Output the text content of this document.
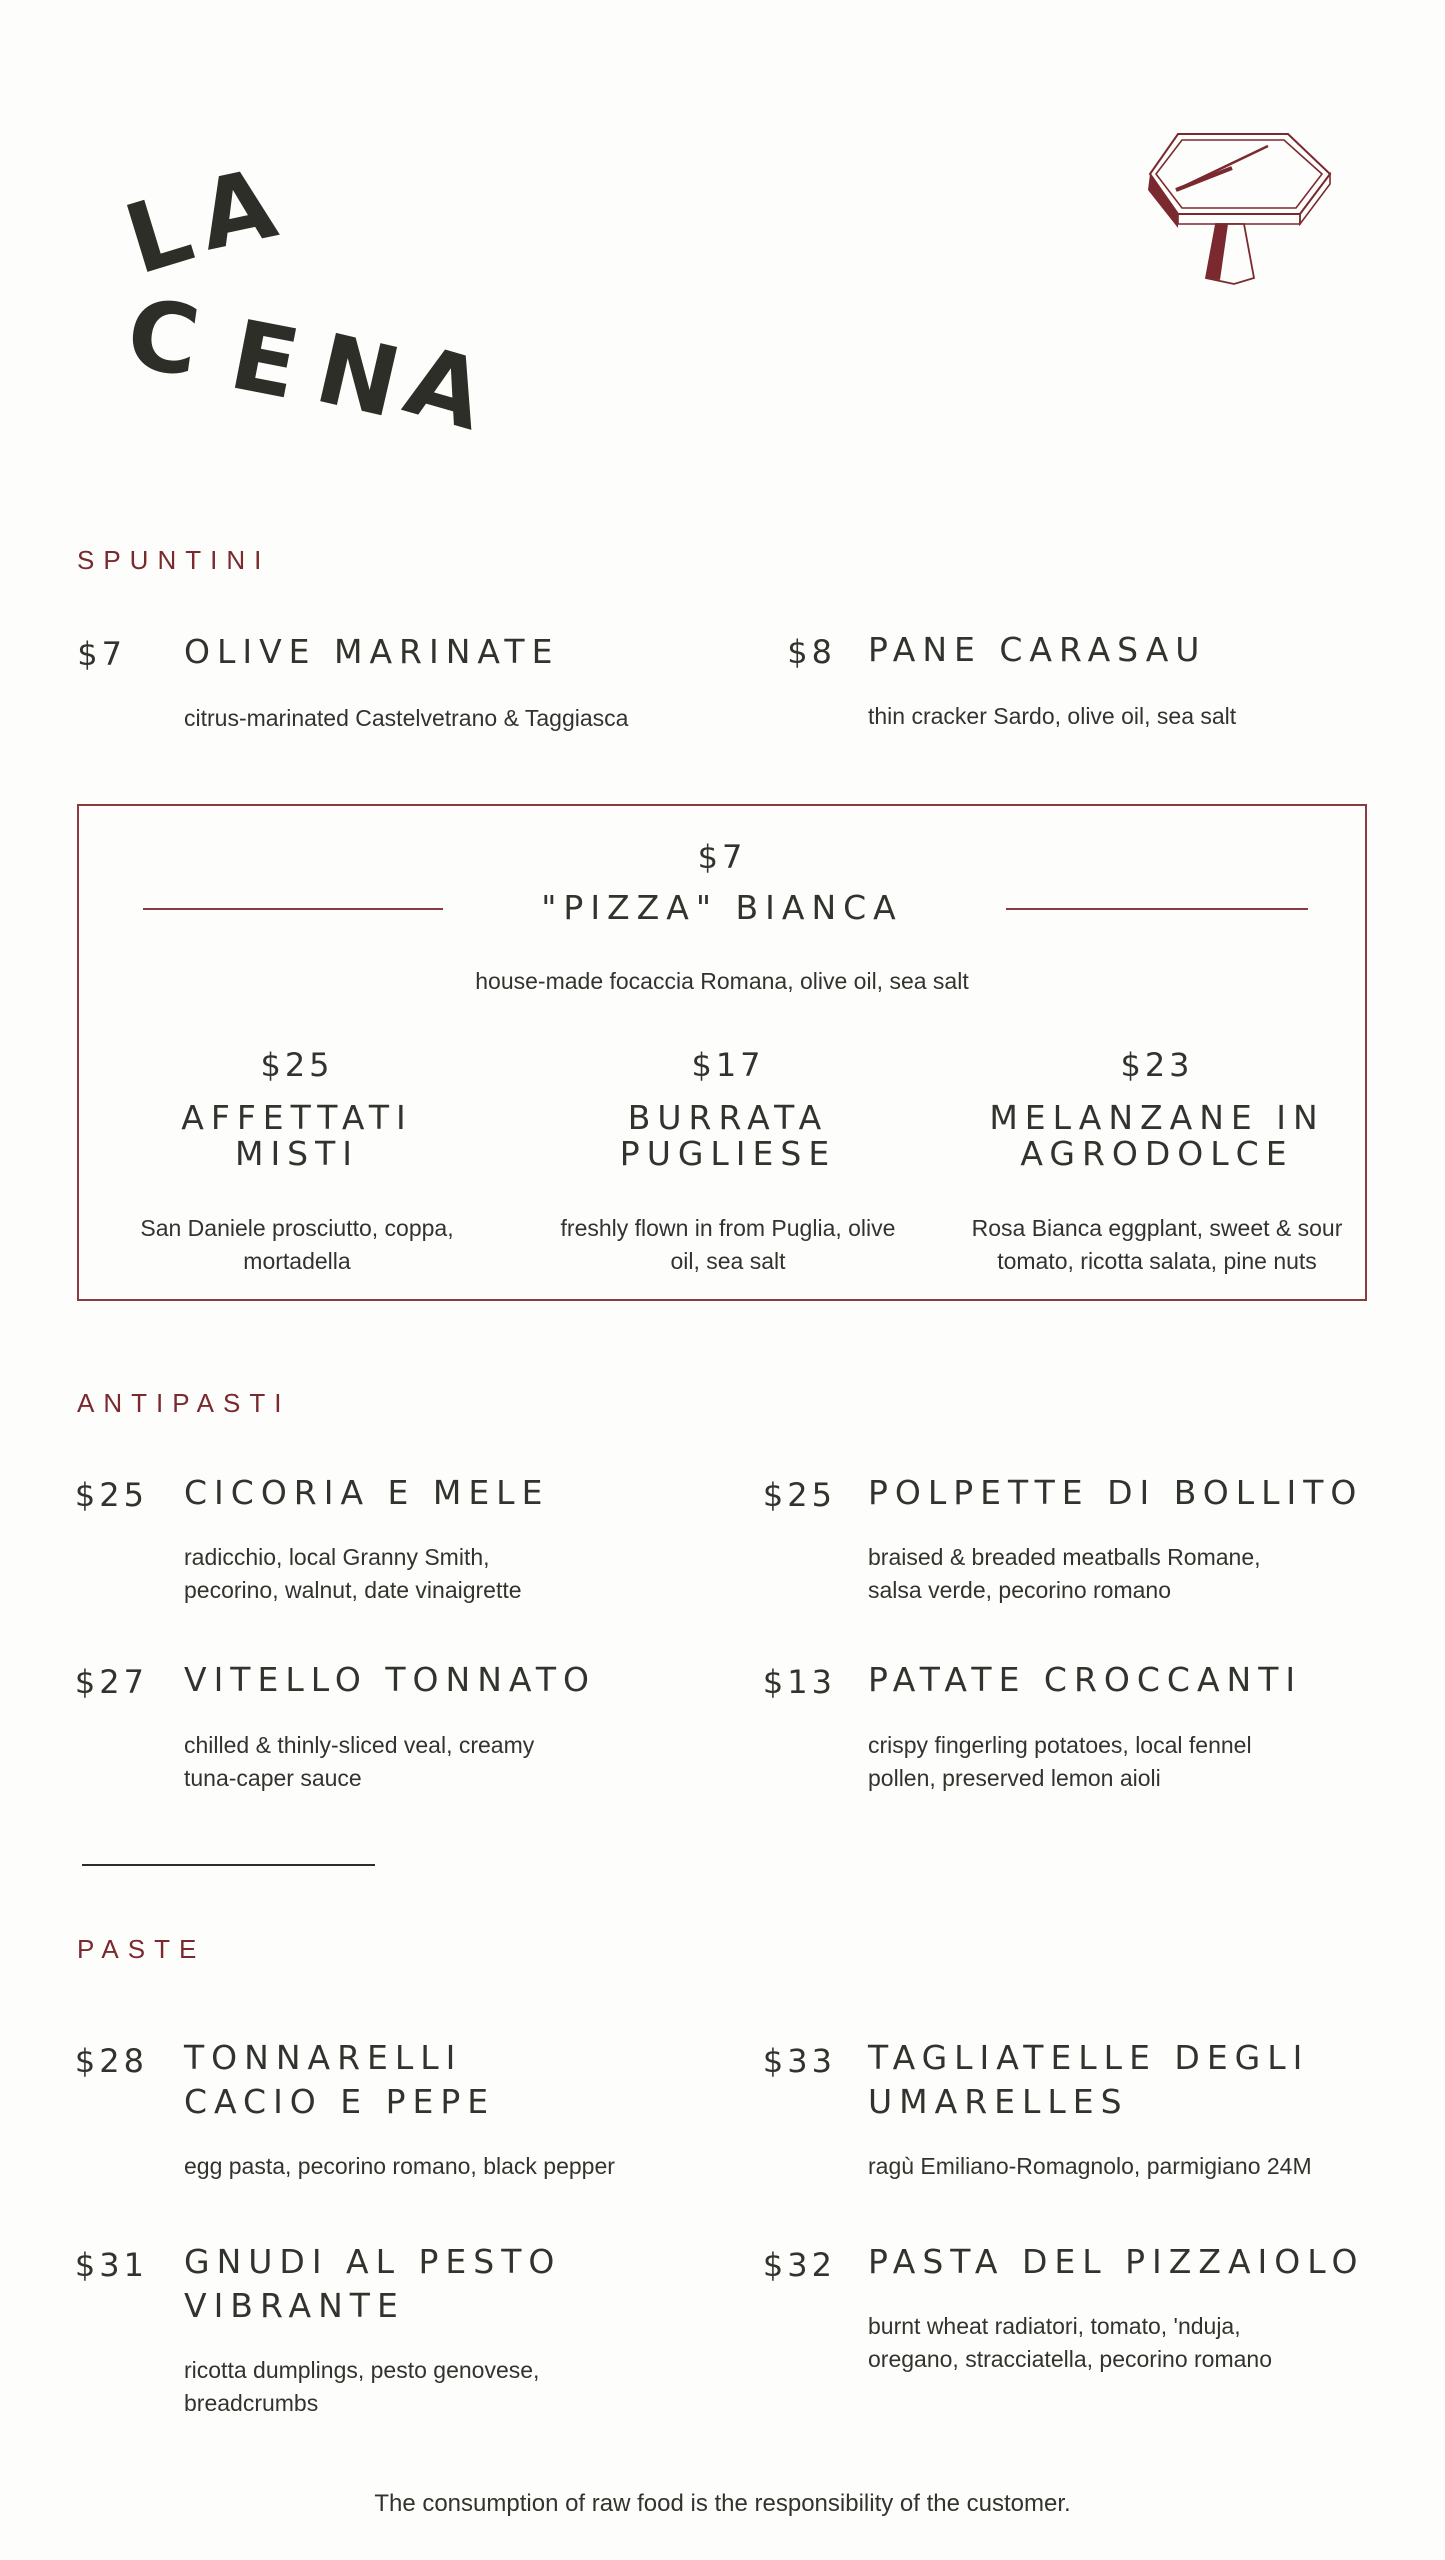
L
A
C E
N
A
SPUNTINI
$7 OLIVE MARINATE
citrus-marinated Castelvetrano & Taggiasca
$8 PANE CARASAU
thin cracker Sardo, olive oil, sea salt
$7
"PIZZA" BIANCA
house-made focaccia Romana, olive oil, sea salt
$25
AFFETTATI
MISTI
San Daniele prosciutto, coppa,
mortadella
$17
BURRATA
PUGLIESE
freshly flown in from Puglia, olive
oil, sea salt
$23
MELANZANE IN
AGRODOLCE
Rosa Bianca eggplant, sweet & sour
tomato, ricotta salata, pine nuts
ANTIPASTI
$25 CICORIA E MELE
radicchio, local Granny Smith,
pecorino, walnut, date vinaigrette
$25 POLPETTE DI BOLLITO
braised & breaded meatballs Romane,
salsa verde, pecorino romano
$27 VITELLO TONNATO
chilled & thinly-sliced veal, creamy
tuna-caper sauce
$13 PATATE CROCCANTI
crispy fingerling potatoes, local fennel
pollen, preserved lemon aioli
PASTE
$28 TONNARELLI
CACIO E PEPE
egg pasta, pecorino romano, black pepper
$33 TAGLIATELLE DEGLI
UMARELLES
ragù Emiliano-Romagnolo, parmigiano 24M
$31 GNUDI AL PESTO
VIBRANTE
ricotta dumplings, pesto genovese,
breadcrumbs
$32 PASTA DEL PIZZAIOLO
burnt wheat radiatori, tomato, 'nduja,
oregano, stracciatella, pecorino romano
The consumption of raw food is the responsibility of the customer.
